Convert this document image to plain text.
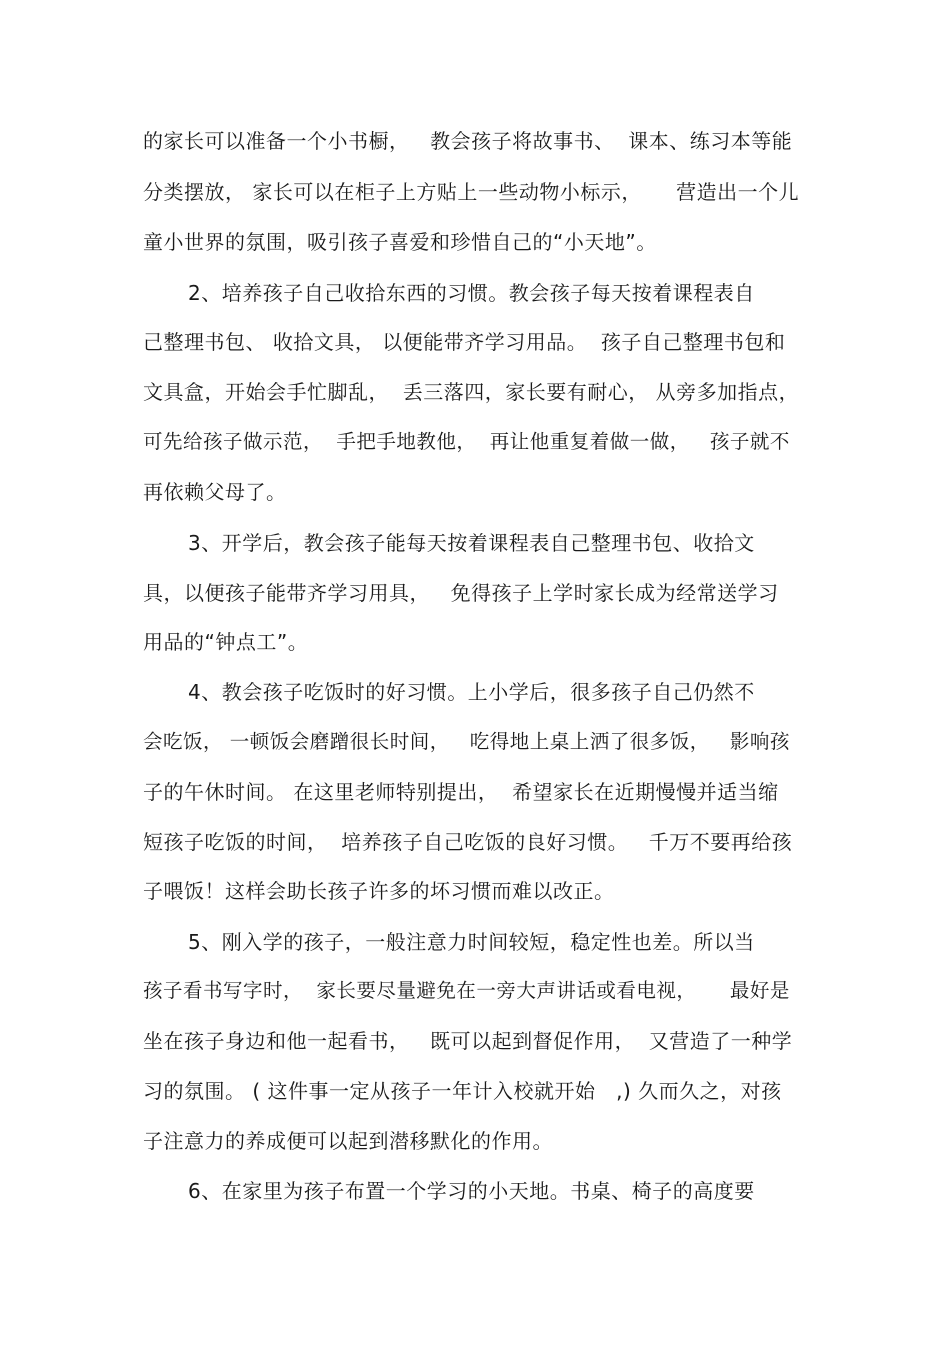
的家长可以准备一个小书橱，   教会孩子将故事书、  课本、练习本等能
分类摆放， 家长可以在柜子上方贴上一些动物小标示，     营造出一个儿
童小世界的氛围，吸引孩子喜爱和珍惜自己的“小天地”。
2、培养孩子自己收拾东西的习惯。教会孩子每天按着课程表自
己整理书包、 收拾文具， 以便能带齐学习用品。  孩子自己整理书包和
文具盒，开始会手忙脚乱，  丢三落四，家长要有耐心， 从旁多加指点，
可先给孩子做示范，  手把手地教他，  再让他重复着做一做，   孩子就不
再依赖父母了。
3、开学后，教会孩子能每天按着课程表自己整理书包、收拾文
具，以便孩子能带齐学习用具，   免得孩子上学时家长成为经常送学习
用品的“钟点工”。
4、教会孩子吃饭时的好习惯。上小学后，很多孩子自己仍然不
会吃饭， 一顿饭会磨蹭很长时间，   吃得地上桌上洒了很多饭，   影响孩
子的午休时间。 在这里老师特别提出，  希望家长在近期慢慢并适当缩
短孩子吃饭的时间，  培养孩子自己吃饭的良好习惯。   千万不要再给孩
子喂饭！这样会助长孩子许多的坏习惯而难以改正。
5、刚入学的孩子，一般注意力时间较短，稳定性也差。所以当
孩子看书写字时，  家长要尽量避免在一旁大声讲话或看电视，     最好是
坐在孩子身边和他一起看书，   既可以起到督促作用，  又营造了一种学
习的氛围。 ( 这件事一定从孩子一年计入校就开始   ,) 久而久之，对孩
子注意力的养成便可以起到潜移默化的作用。
6、在家里为孩子布置一个学习的小天地。书桌、椅子的高度要
